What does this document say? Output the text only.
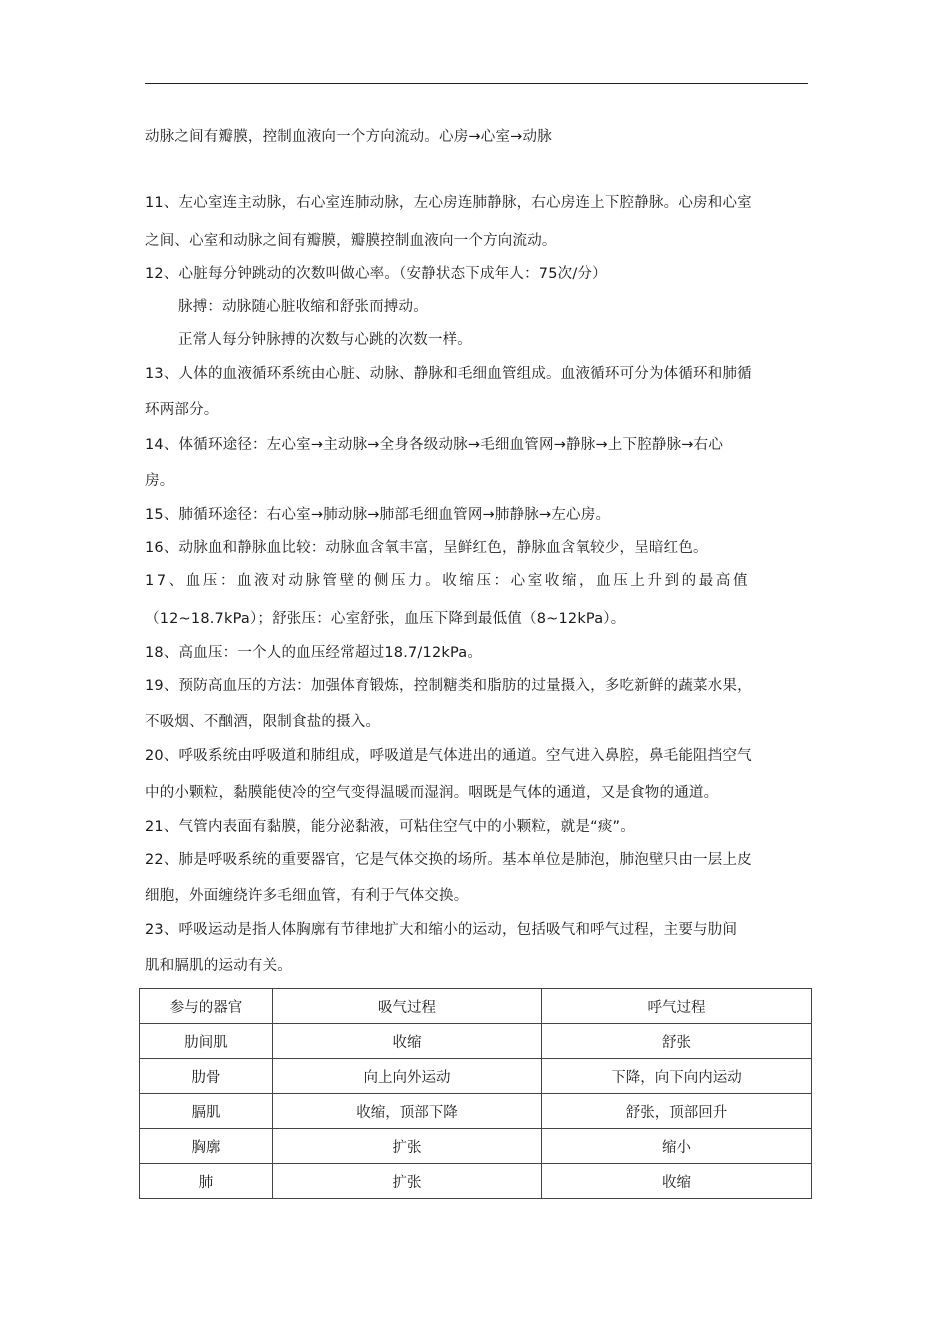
动脉之间有瓣膜，控制血液向一个方向流动。心房→心室→动脉
11、左心室连主动脉，右心室连肺动脉，左心房连肺静脉，右心房连上下腔静脉。心房和心室
之间、心室和动脉之间有瓣膜，瓣膜控制血液向一个方向流动。
12、心脏每分钟跳动的次数叫做心率。（安静状态下成年人：75次/分）
脉搏：动脉随心脏收缩和舒张而搏动。
正常人每分钟脉搏的次数与心跳的次数一样。
13、人体的血液循环系统由心脏、动脉、静脉和毛细血管组成。血液循环可分为体循环和肺循
环两部分。
14、体循环途径：左心室→主动脉→全身各级动脉→毛细血管网→静脉→上下腔静脉→右心
房。
15、肺循环途径：右心室→肺动脉→肺部毛细血管网→肺静脉→左心房。
16、动脉血和静脉血比较：动脉血含氧丰富，呈鲜红色，静脉血含氧较少，呈暗红色。
17、血压：血液对动脉管壁的侧压力。收缩压：心室收缩，血压上升到的最高值
（12~18.7kPa）；舒张压：心室舒张，血压下降到最低值（8~12kPa）。
18、高血压：一个人的血压经常超过18.7/12kPa。
19、预防高血压的方法：加强体育锻炼，控制糖类和脂肪的过量摄入，多吃新鲜的蔬菜水果，
不吸烟、不酗酒，限制食盐的摄入。
20、呼吸系统由呼吸道和肺组成，呼吸道是气体进出的通道。空气进入鼻腔，鼻毛能阻挡空气
中的小颗粒，黏膜能使冷的空气变得温暖而湿润。咽既是气体的通道，又是食物的通道。
21、气管内表面有黏膜，能分泌黏液，可粘住空气中的小颗粒，就是“痰”。
22、肺是呼吸系统的重要器官，它是气体交换的场所。基本单位是肺泡，肺泡壁只由一层上皮
细胞，外面缠绕许多毛细血管，有利于气体交换。
23、呼吸运动是指人体胸廓有节律地扩大和缩小的运动，包括吸气和呼气过程，主要与肋间
肌和膈肌的运动有关。
参与的器官	吸气过程	呼气过程
肋间肌	收缩	舒张
肋骨	向上向外运动	下降，向下向内运动
膈肌	收缩，顶部下降	舒张，顶部回升
胸廓	扩张	缩小
肺	扩张	收缩
